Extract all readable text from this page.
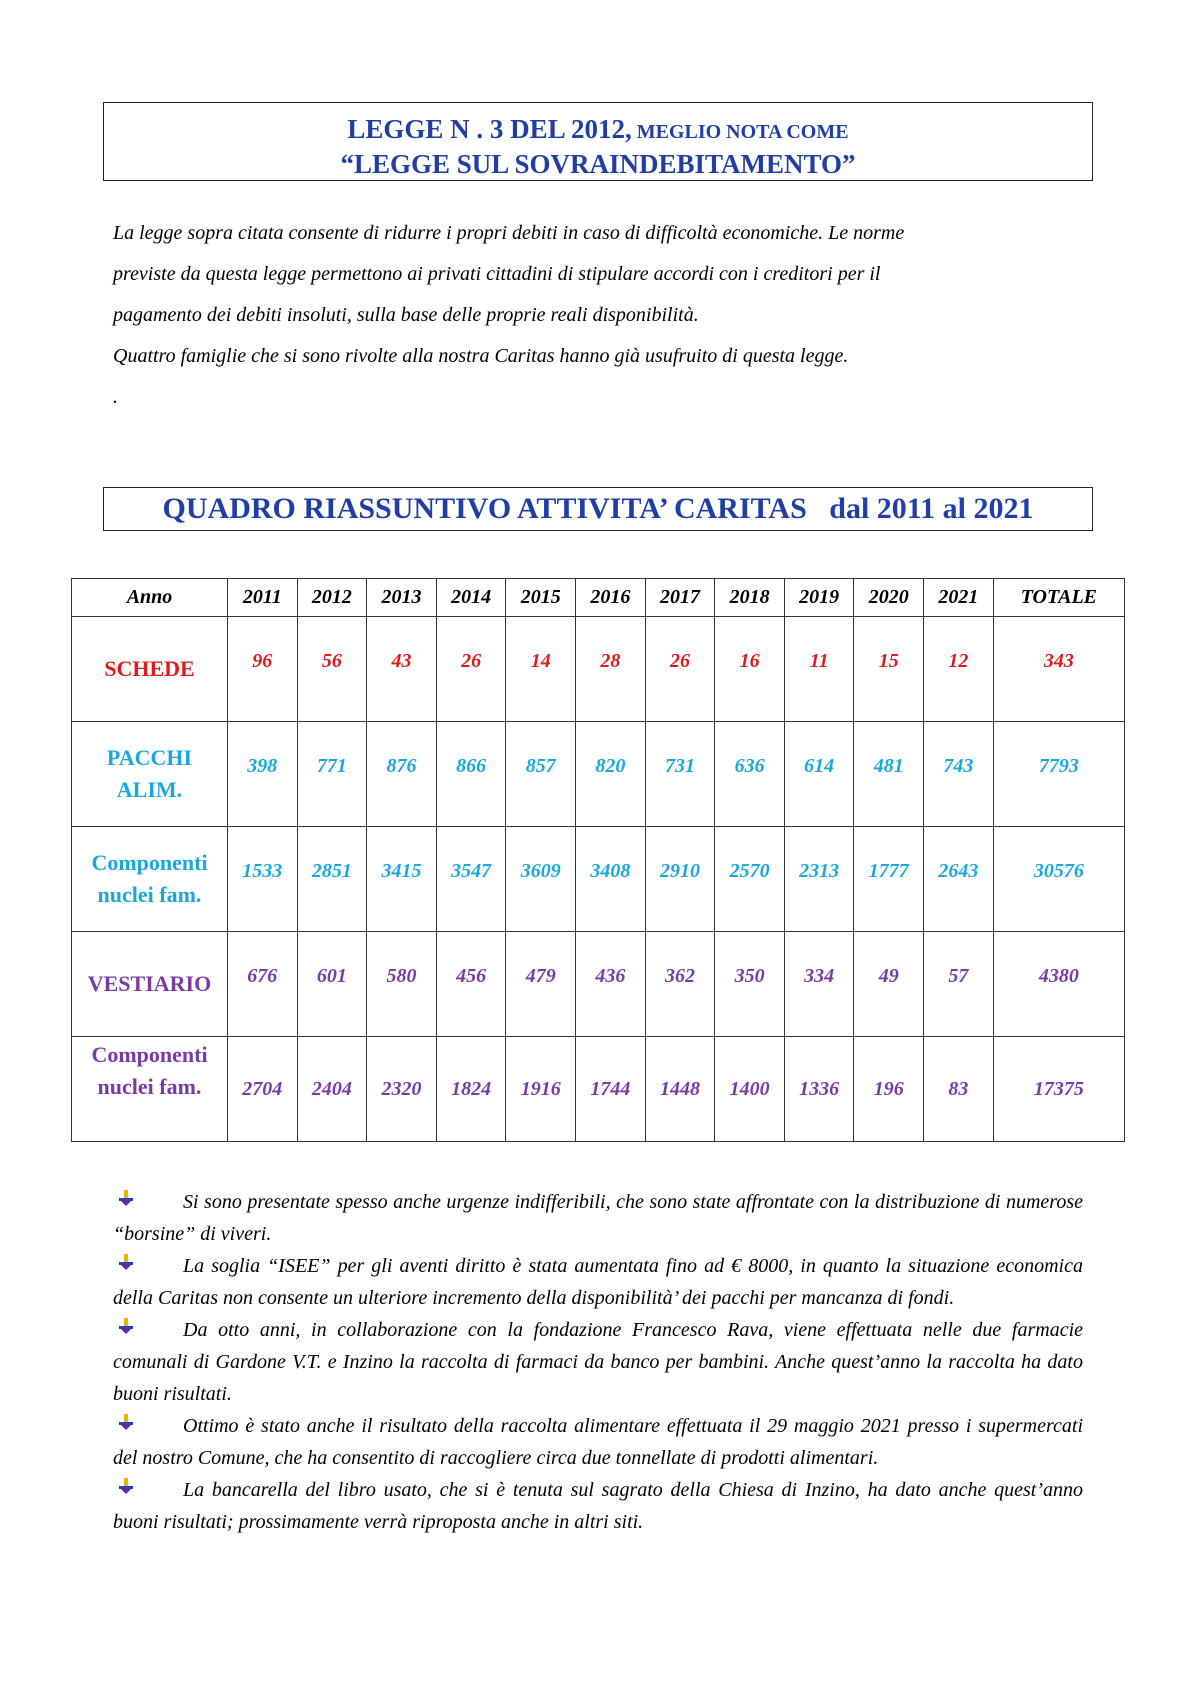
LEGGE N . 3 DEL 2012, MEGLIO NOTA COME
“LEGGE SUL SOVRAINDEBITAMENTO”

La legge sopra citata consente di ridurre i propri debiti in caso di difficoltà economiche. Le norme

previste da questa legge permettono ai privati cittadini di stipulare accordi con i creditori per il

pagamento dei debiti insoluti, sulla base delle proprie reali disponibilità.

Quattro famiglie che si sono rivolte alla nostra Caritas hanno già usufruito di questa legge.

.

QUADRO RIASSUNTIVO ATTIVITA’ CARITAS   dal 2011 al 2021
Anno	2011	2012	2013	2014	2015	2016	2017	2018	2019	2020	2021	TOTALE

SCHEDE	96	56	43	26	14	28	26	16	11	15	12	343

PACCHI
ALIM.	398	771	876	866	857	820	731	636	614	481	743	7793

Componenti
nuclei fam.	1533	2851	3415	3547	3609	3408	2910	2570	2313	1777	2643	30576

VESTIARIO	676	601	580	456	479	436	362	350	334	49	57	4380

Componenti
nuclei fam.	2704	2404	2320	1824	1916	1744	1448	1400	1336	196	83	17375

Si sono presentate spesso anche urgenze indifferibili, che sono state affrontate con la distribuzione di numerose “borsine” di viveri.

La soglia “ISEE” per gli aventi diritto è stata aumentata fino ad € 8000, in quanto la situazione economica della Caritas non consente un ulteriore incremento della disponibilità’ dei pacchi per mancanza di fondi.

Da otto anni, in collaborazione con la fondazione Francesco Rava, viene effettuata nelle due farmacie comunali di Gardone V.T. e Inzino la raccolta di farmaci da banco per bambini. Anche quest’anno la raccolta ha dato buoni risultati.

Ottimo è stato anche il risultato della raccolta alimentare effettuata il 29 maggio 2021 presso i supermercati del nostro Comune, che ha consentito di raccogliere circa due tonnellate di prodotti alimentari.

La bancarella del libro usato, che si è tenuta sul sagrato della Chiesa di Inzino, ha dato anche quest’anno buoni risultati; prossimamente verrà riproposta anche in altri siti.
